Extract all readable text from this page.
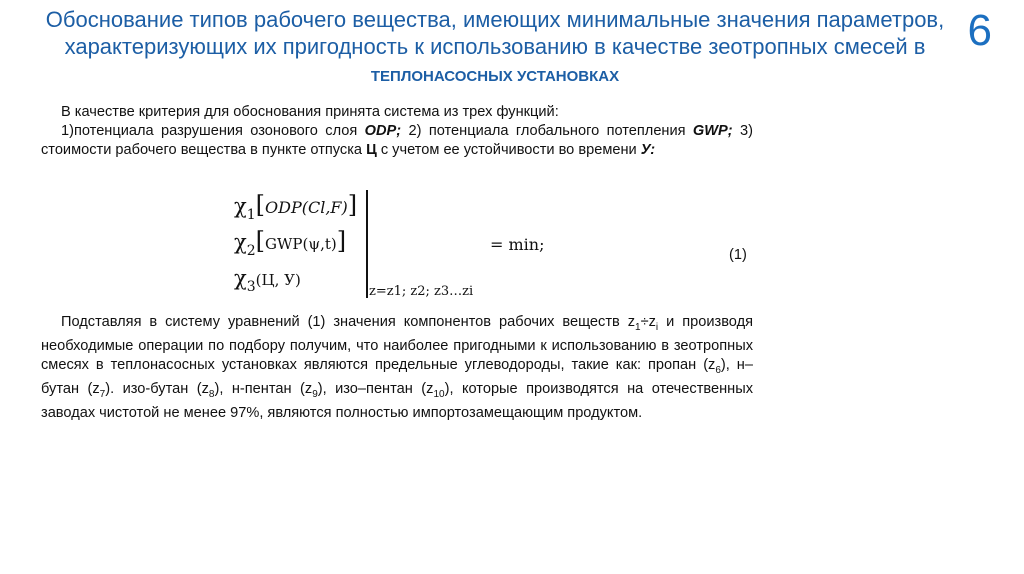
Обоснование типов рабочего вещества, имеющих минимальные значения параметров, характеризующих их пригодность к использованию в качестве зеотропных смесей в ТЕПЛОНАСОСНЫХ УСТАНОВКАХ
6
В качестве критерия для обоснования принята система из трех функций:
1)потенциала разрушения озонового слоя ODP; 2) потенциала глобального потепления GWP; 3) стоимости рабочего вещества в пункте отпуска Ц с учетом ее устойчивости во времени У:
χ1[ODP(Cl,F)]
χ2[GWP(ψ,t)]
χ3(Ц, У)
= min;
(1)
z=z1; z2; z3…zi
Подставляя в систему уравнений (1) значения компонентов рабочих веществ $z_1\div z_i$ и производя необходимые операции по подбору получим, что наиболее пригодными к использованию в зеотропных смесях в теплонасосных установках являются предельные углеводороды, такие как: пропан $(z_6)$, н–бутан $(z_7)$. изо-бутан $(z_8)$, н-пентан $(z_9)$, изо–пентан $(z_{10})$, которые производятся на отечественных заводах чистотой не менее 97%, являются полностью импортозамещающим продуктом.
